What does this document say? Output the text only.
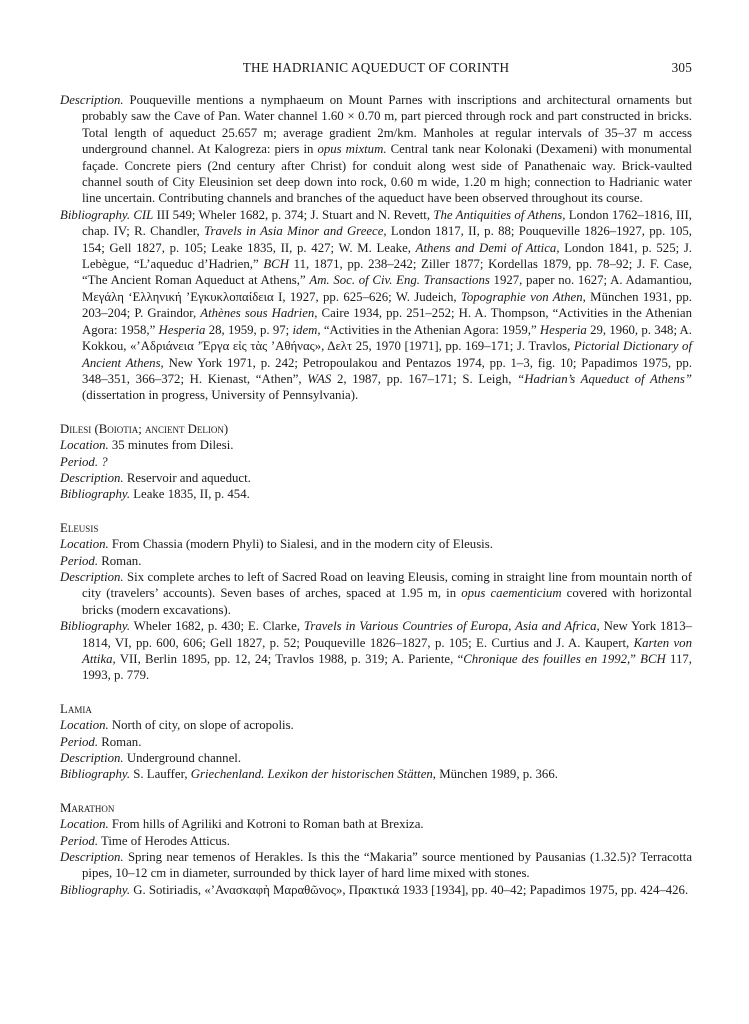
THE HADRIANIC AQUEDUCT OF CORINTH	305

Description. Pouqueville mentions a nymphaeum on Mount Parnes with inscriptions and architectural ornaments but probably saw the Cave of Pan. Water channel 1.60 × 0.70 m, part pierced through rock and part constructed in bricks. Total length of aqueduct 25.657 m; average gradient 2m/km. Manholes at regular intervals of 35–37 m access underground channel. At Kalogreza: piers in opus mixtum. Central tank near Kolonaki (Dexameni) with monumental façade. Concrete piers (2nd century after Christ) for conduit along west side of Panathenaic way. Brick-vaulted channel south of City Eleusinion set deep down into rock, 0.60 m wide, 1.20 m high; connection to Hadrianic water line uncertain. Contributing channels and branches of the aqueduct have been observed throughout its course.

Bibliography. CIL III 549; Wheler 1682, p. 374; J. Stuart and N. Revett, The Antiquities of Athens, London 1762–1816, III, chap. IV; R. Chandler, Travels in Asia Minor and Greece, London 1817, II, p. 88; Pouqueville 1826–1927, pp. 105, 154; Gell 1827, p. 105; Leake 1835, II, p. 427; W. M. Leake, Athens and Demi of Attica, London 1841, p. 525; J. Lebègue, “L’aqueduc d’Hadrien,” BCH 11, 1871, pp. 238–242; Ziller 1877; Kordellas 1879, pp. 78–92; J. F. Case, “The Ancient Roman Aqueduct at Athens,” Am. Soc. of Civ. Eng. Transactions 1927, paper no. 1627; A. Adamantiou, Μεγάλη ‘Ελληνική ’Εγκυκλοπαίδεια I, 1927, pp. 625–626; W. Judeich, Topographie von Athen, München 1931, pp. 203–204; P. Graindor, Athènes sous Hadrien, Caire 1934, pp. 251–252; H. A. Thompson, “Activities in the Athenian Agora: 1958,” Hesperia 28, 1959, p. 97; idem, “Activities in the Athenian Agora: 1959,” Hesperia 29, 1960, p. 348; A. Kokkou, «’Αδριάνεια ’Έργα εἰς τὰς ’Αθήνας», Δελτ 25, 1970 [1971], pp. 169–171; J. Travlos, Pictorial Dictionary of Ancient Athens, New York 1971, p. 242; Petropoulakou and Pentazos 1974, pp. 1–3, fig. 10; Papadimos 1975, pp. 348–351, 366–372; H. Kienast, “Athen”, WAS 2, 1987, pp. 167–171; S. Leigh, “Hadrian’s Aqueduct of Athens” (dissertation in progress, University of Pennsylvania).

Dilesi (Boiotia; ancient Delion)

Location. 35 minutes from Dilesi.

Period. ?

Description. Reservoir and aqueduct.

Bibliography. Leake 1835, II, p. 454.

Eleusis

Location. From Chassia (modern Phyli) to Sialesi, and in the modern city of Eleusis.

Period. Roman.

Description. Six complete arches to left of Sacred Road on leaving Eleusis, coming in straight line from mountain north of city (travelers’ accounts). Seven bases of arches, spaced at 1.95 m, in opus caementicium covered with horizontal bricks (modern excavations).

Bibliography. Wheler 1682, p. 430; E. Clarke, Travels in Various Countries of Europa, Asia and Africa, New York 1813–1814, VI, pp. 600, 606; Gell 1827, p. 52; Pouqueville 1826–1827, p. 105; E. Curtius and J. A. Kaupert, Karten von Attika, VII, Berlin 1895, pp. 12, 24; Travlos 1988, p. 319; A. Pariente, “Chronique des fouilles en 1992,” BCH 117, 1993, p. 779.

Lamia

Location. North of city, on slope of acropolis.

Period. Roman.

Description. Underground channel.

Bibliography. S. Lauffer, Griechenland. Lexikon der historischen Stätten, München 1989, p. 366.

Marathon

Location. From hills of Agriliki and Kotroni to Roman bath at Brexiza.

Period. Time of Herodes Atticus.

Description. Spring near temenos of Herakles. Is this the “Makaria” source mentioned by Pausanias (1.32.5)? Terracotta pipes, 10–12 cm in diameter, surrounded by thick layer of hard lime mixed with stones.

Bibliography. G. Sotiriadis, «’Ανασκαφὴ Μαραθῶνος», Πρακτικά 1933 [1934], pp. 40–42; Papadimos 1975, pp. 424–426.
